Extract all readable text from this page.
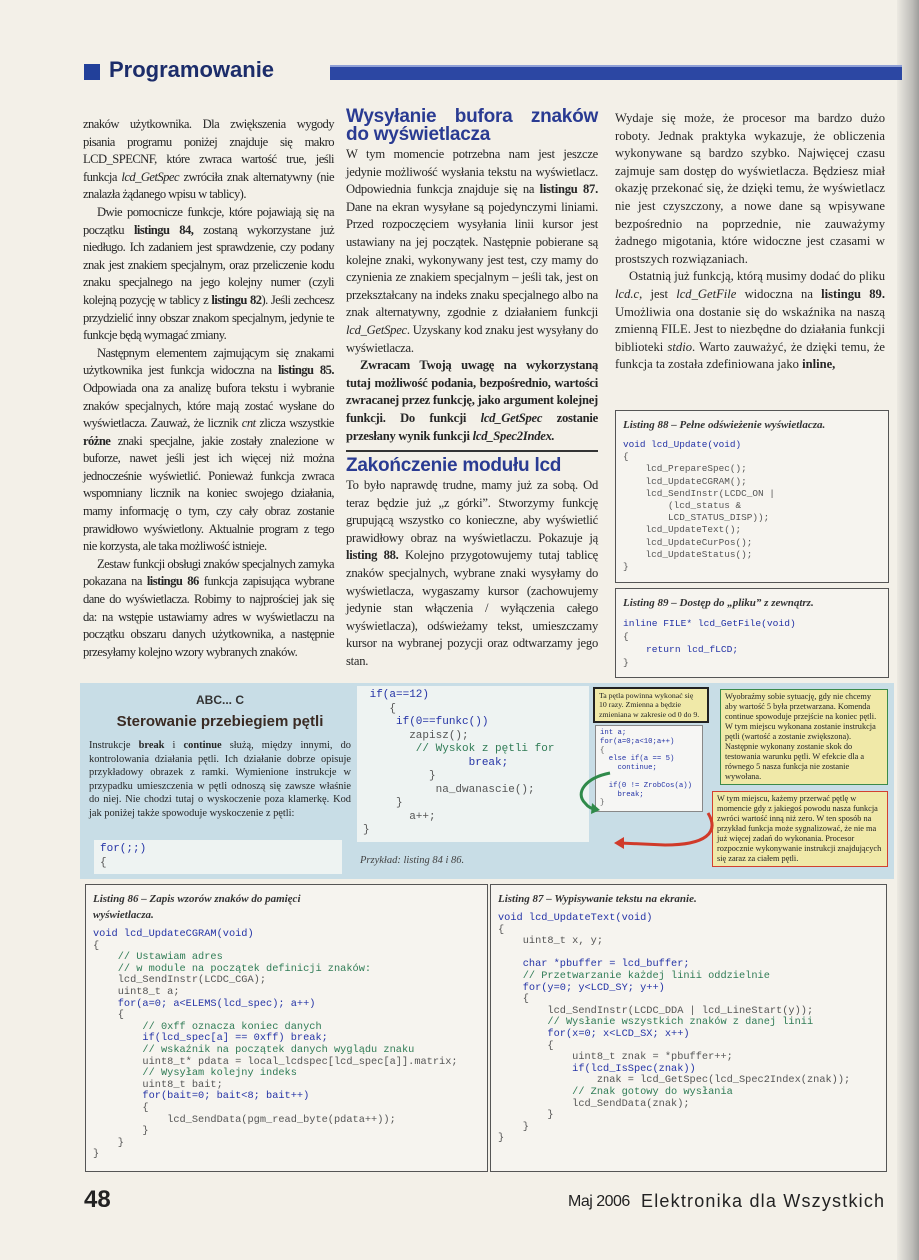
Programowanie

znaków użytkownika. Dla zwiększenia wygody pisania programu poniżej znajduje się makro LCD_SPECNF, które zwraca wartość true, jeśli funkcja lcd_GetSpec zwróciła znak alternatywny (nie znalazła żądanego wpisu w tablicy).

Dwie pomocnicze funkcje, które pojawiają się na początku listingu 84, zostaną wykorzystane już niedługo. Ich zadaniem jest sprawdzenie, czy podany znak jest znakiem specjalnym, oraz przeliczenie kodu znaku specjalnego na jego kolejny numer (czyli kolejną pozycję w tablicy z listingu 82). Jeśli zechcesz przydzielić inny obszar znakom specjalnym, jedynie te funkcje będą wymagać zmiany.

Następnym elementem zajmującym się znakami użytkownika jest funkcja widoczna na listingu 85. Odpowiada ona za analizę bufora tekstu i wybranie znaków specjalnych, które mają zostać wysłane do wyświetlacza. Zauważ, że licznik cnt zlicza wszystkie różne znaki specjalne, jakie zostały znalezione w buforze, nawet jeśli jest ich więcej niż można jednocześnie wyświetlić. Ponieważ funkcja zwraca wspomniany licznik na koniec swojego działania, mamy informację o tym, czy cały obraz zostanie prawidłowo wyświetlony. Aktualnie program z tego nie korzysta, ale taka możliwość istnieje.

Zestaw funkcji obsługi znaków specjalnych zamyka pokazana na listingu 86 funkcja zapisująca wybrane dane do wyświetlacza. Robimy to najprościej jak się da: na wstępie ustawiamy adres w wyświetlaczu na początku obszaru danych użytkownika, a następnie przesyłamy kolejno wzory wybranych znaków.

Wysyłanie bufora znaków do wyświetlacza

W tym momencie potrzebna nam jest jeszcze jedynie możliwość wysłania tekstu na wyświetlacz. Odpowiednia funkcja znajduje się na listingu 87. Dane na ekran wysyłane są pojedynczymi liniami. Przed rozpoczęciem wysyłania linii kursor jest ustawiany na jej początek. Następnie pobierane są kolejne znaki, wykonywany jest test, czy mamy do czynienia ze znakiem specjalnym – jeśli tak, jest on przekształcany na indeks znaku specjalnego albo na znak alternatywny, zgodnie z działaniem funkcji lcd_GetSpec. Uzyskany kod znaku jest wysyłany do wyświetlacza.

Zwracam Twoją uwagę na wykorzystaną tutaj możliwość podania, bezpośrednio, wartości zwracanej przez funkcję, jako argument kolejnej funkcji. Do funkcji lcd_GetSpec zostanie przesłany wynik funkcji lcd_Spec2Index.

Zakończenie modułu lcd

To było naprawdę trudne, mamy już za sobą. Od teraz będzie już „z górki”. Stworzymy funkcję grupującą wszystko co konieczne, aby wyświetlić prawidłowy obraz na wyświetlaczu. Pokazuje ją listing 88. Kolejno przygotowujemy tutaj tablicę znaków specjalnych, wybrane znaki wysyłamy do wyświetlacza, wygaszamy kursor (zachowujemy jedynie stan włączenia / wyłączenia całego wyświetlacza), odświeżamy tekst, umieszczamy kursor na wybranej pozycji oraz odtwarzamy jego stan.

Wydaje się może, że procesor ma bardzo dużo roboty. Jednak praktyka wykazuje, że obliczenia wykonywane są bardzo szybko. Najwięcej czasu zajmuje sam dostęp do wyświetlacza. Będziesz miał okazję przekonać się, że dzięki temu, że wyświetlacz nie jest czyszczony, a nowe dane są wpisywane bezpośrednio na poprzednie, nie zauważymy żadnego migotania, które widoczne jest czasami w prostszych rozwiązaniach.

Ostatnią już funkcją, którą musimy dodać do pliku lcd.c, jest lcd_GetFile widoczna na listingu 89. Umożliwia ona dostanie się do wskaźnika na naszą zmienną FILE. Jest to niezbędne do działania funkcji biblioteki stdio. Warto zauważyć, że dzięki temu, że funkcja ta została zdefiniowana jako inline,

Listing 88 – Pełne odświeżenie wyświetlacza.
void lcd_Update(void)
{
lcd_PrepareSpec();
lcd_UpdateCGRAM();
lcd_SendInstr(LCDC_ON |
(lcd_status &
LCD_STATUS_DISP));
lcd_UpdateText();
lcd_UpdateCurPos();
lcd_UpdateStatus();
}
Listing 89 – Dostęp do „pliku” z zewnątrz.
inline FILE* lcd_GetFile(void)
{
return lcd_fLCD;
}
ABC... C
Sterowanie przebiegiem pętli

Instrukcje break i continue służą, między innymi, do kontrolowania działania pętli. Ich działanie dobrze opisuje przykładowy obrazek z ramki. Wymienione instrukcje w przypadku umieszczenia w pętli odnoszą się zawsze właśnie do niej. Nie chodzi tutaj o wyskoczenie poza klamerkę. Kod jak poniżej także spowoduje wyskoczenie z pętli:

for(;;)
{
if(a==12)
{
if(0==funkc())
zapisz();
// Wyskok z pętli for
break;
}
na_dwanascie();
}
a++;
}
Przykład: listing 84 i 86.
Ta pętla powinna wykonać się 10 razy. Zmienna a będzie zmieniana w zakresie od 0 do 9.
int a;
for(a=0;a<10;a++)
{
else if(a == 5)
continue;
if(0 != ZrobCos(a))
break;
}
Wyobraźmy sobie sytuację, gdy nie chcemy aby wartość 5 była przetwarzana. Komenda continue spowoduje przejście na koniec pętli. W tym miejscu wykonana zostanie instrukcja pętli (wartość a zostanie zwiększona). Następnie wykonany zostanie skok do testowania warunku pętli. W efekcie dla a równego 5 nasza funkcja nie zostanie wywołana.
W tym miejscu, każemy przerwać pętlę w momencie gdy z jakiegoś powodu nasza funkcja zwróci wartość inną niż zero. W ten sposób na przykład funkcja może sygnalizować, że nie ma już więcej zadań do wykonania. Procesor rozpocznie wykonywanie instrukcji znajdujących się zaraz za ciałem pętli.
Listing 86 – Zapis wzorów znaków do pamięci wyświetlacza.
void lcd_UpdateCGRAM(void)
{
// Ustawiam adres
// w module na początek definicji znaków:
lcd_SendInstr(LCDC_CGA);
uint8_t a;
for(a=0; a<ELEMS(lcd_spec); a++)
{
// 0xff oznacza koniec danych
if(lcd_spec[a] == 0xff) break;
// wskaźnik na początek danych wyglądu znaku
uint8_t* pdata = local_lcdspec[lcd_spec[a]].matrix;
// Wysyłam kolejny indeks
uint8_t bait;
for(bait=0; bait<8; bait++)
{
lcd_SendData(pgm_read_byte(pdata++));
}
}
}
Listing 87 – Wypisywanie tekstu na ekranie.
void lcd_UpdateText(void)
{
uint8_t x, y;
char *pbuffer = lcd_buffer;
// Przetwarzanie każdej linii oddzielnie
for(y=0; y<LCD_SY; y++)
{
lcd_SendInstr(LCDC_DDA | lcd_LineStart(y));
// Wysłanie wszystkich znaków z danej linii
for(x=0; x<LCD_SX; x++)
{
uint8_t znak = *pbuffer++;
if(lcd_IsSpec(znak))
znak = lcd_GetSpec(lcd_Spec2Index(znak));
// Znak gotowy do wysłania
lcd_SendData(znak);
}
}
}
48	Maj 2006 Elektronika dla Wszystkich
